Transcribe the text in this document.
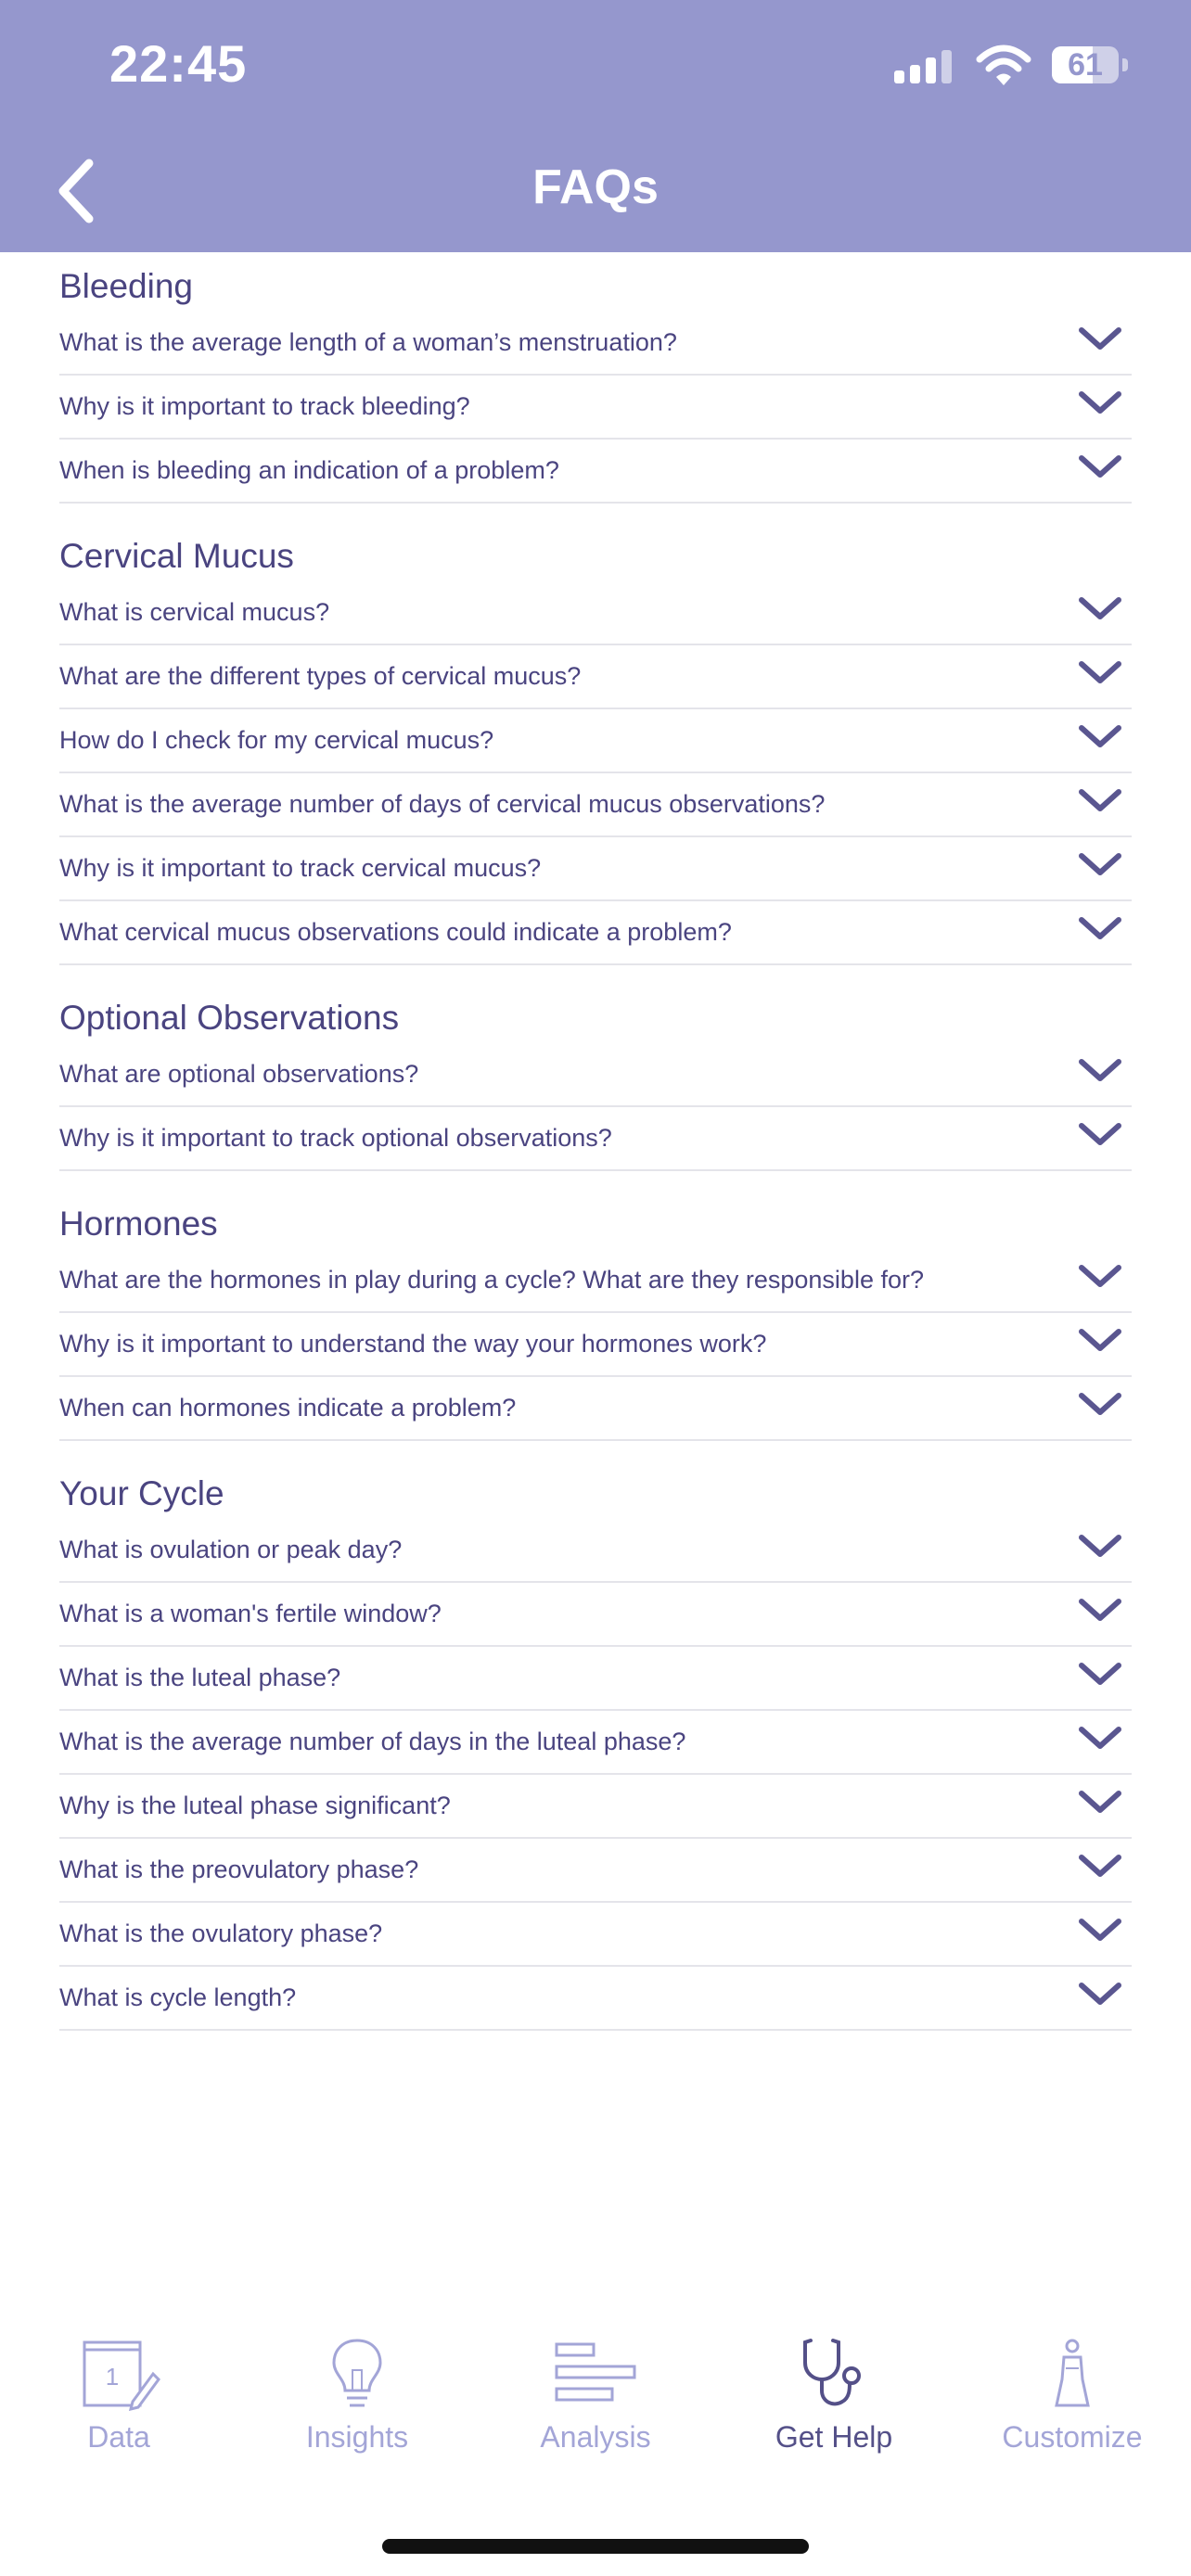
22:45	61
FAQs
Bleeding
What is the average length of a woman’s menstruation?
Why is it important to track bleeding?
When is bleeding an indication of a problem?
Cervical Mucus
What is cervical mucus?
What are the different types of cervical mucus?
How do I check for my cervical mucus?
What is the average number of days of cervical mucus observations?
Why is it important to track cervical mucus?
What cervical mucus observations could indicate a problem?
Optional Observations
What are optional observations?
Why is it important to track optional observations?
Hormones
What are the hormones in play during a cycle? What are they responsible for?
Why is it important to understand the way your hormones work?
When can hormones indicate a problem?
Your Cycle
What is ovulation or peak day?
What is a woman's fertile window?
What is the luteal phase?
What is the average number of days in the luteal phase?
Why is the luteal phase significant?
What is the preovulatory phase?
What is the ovulatory phase?
What is cycle length?
1
Data	Insights	Analysis	Get Help	Customize
